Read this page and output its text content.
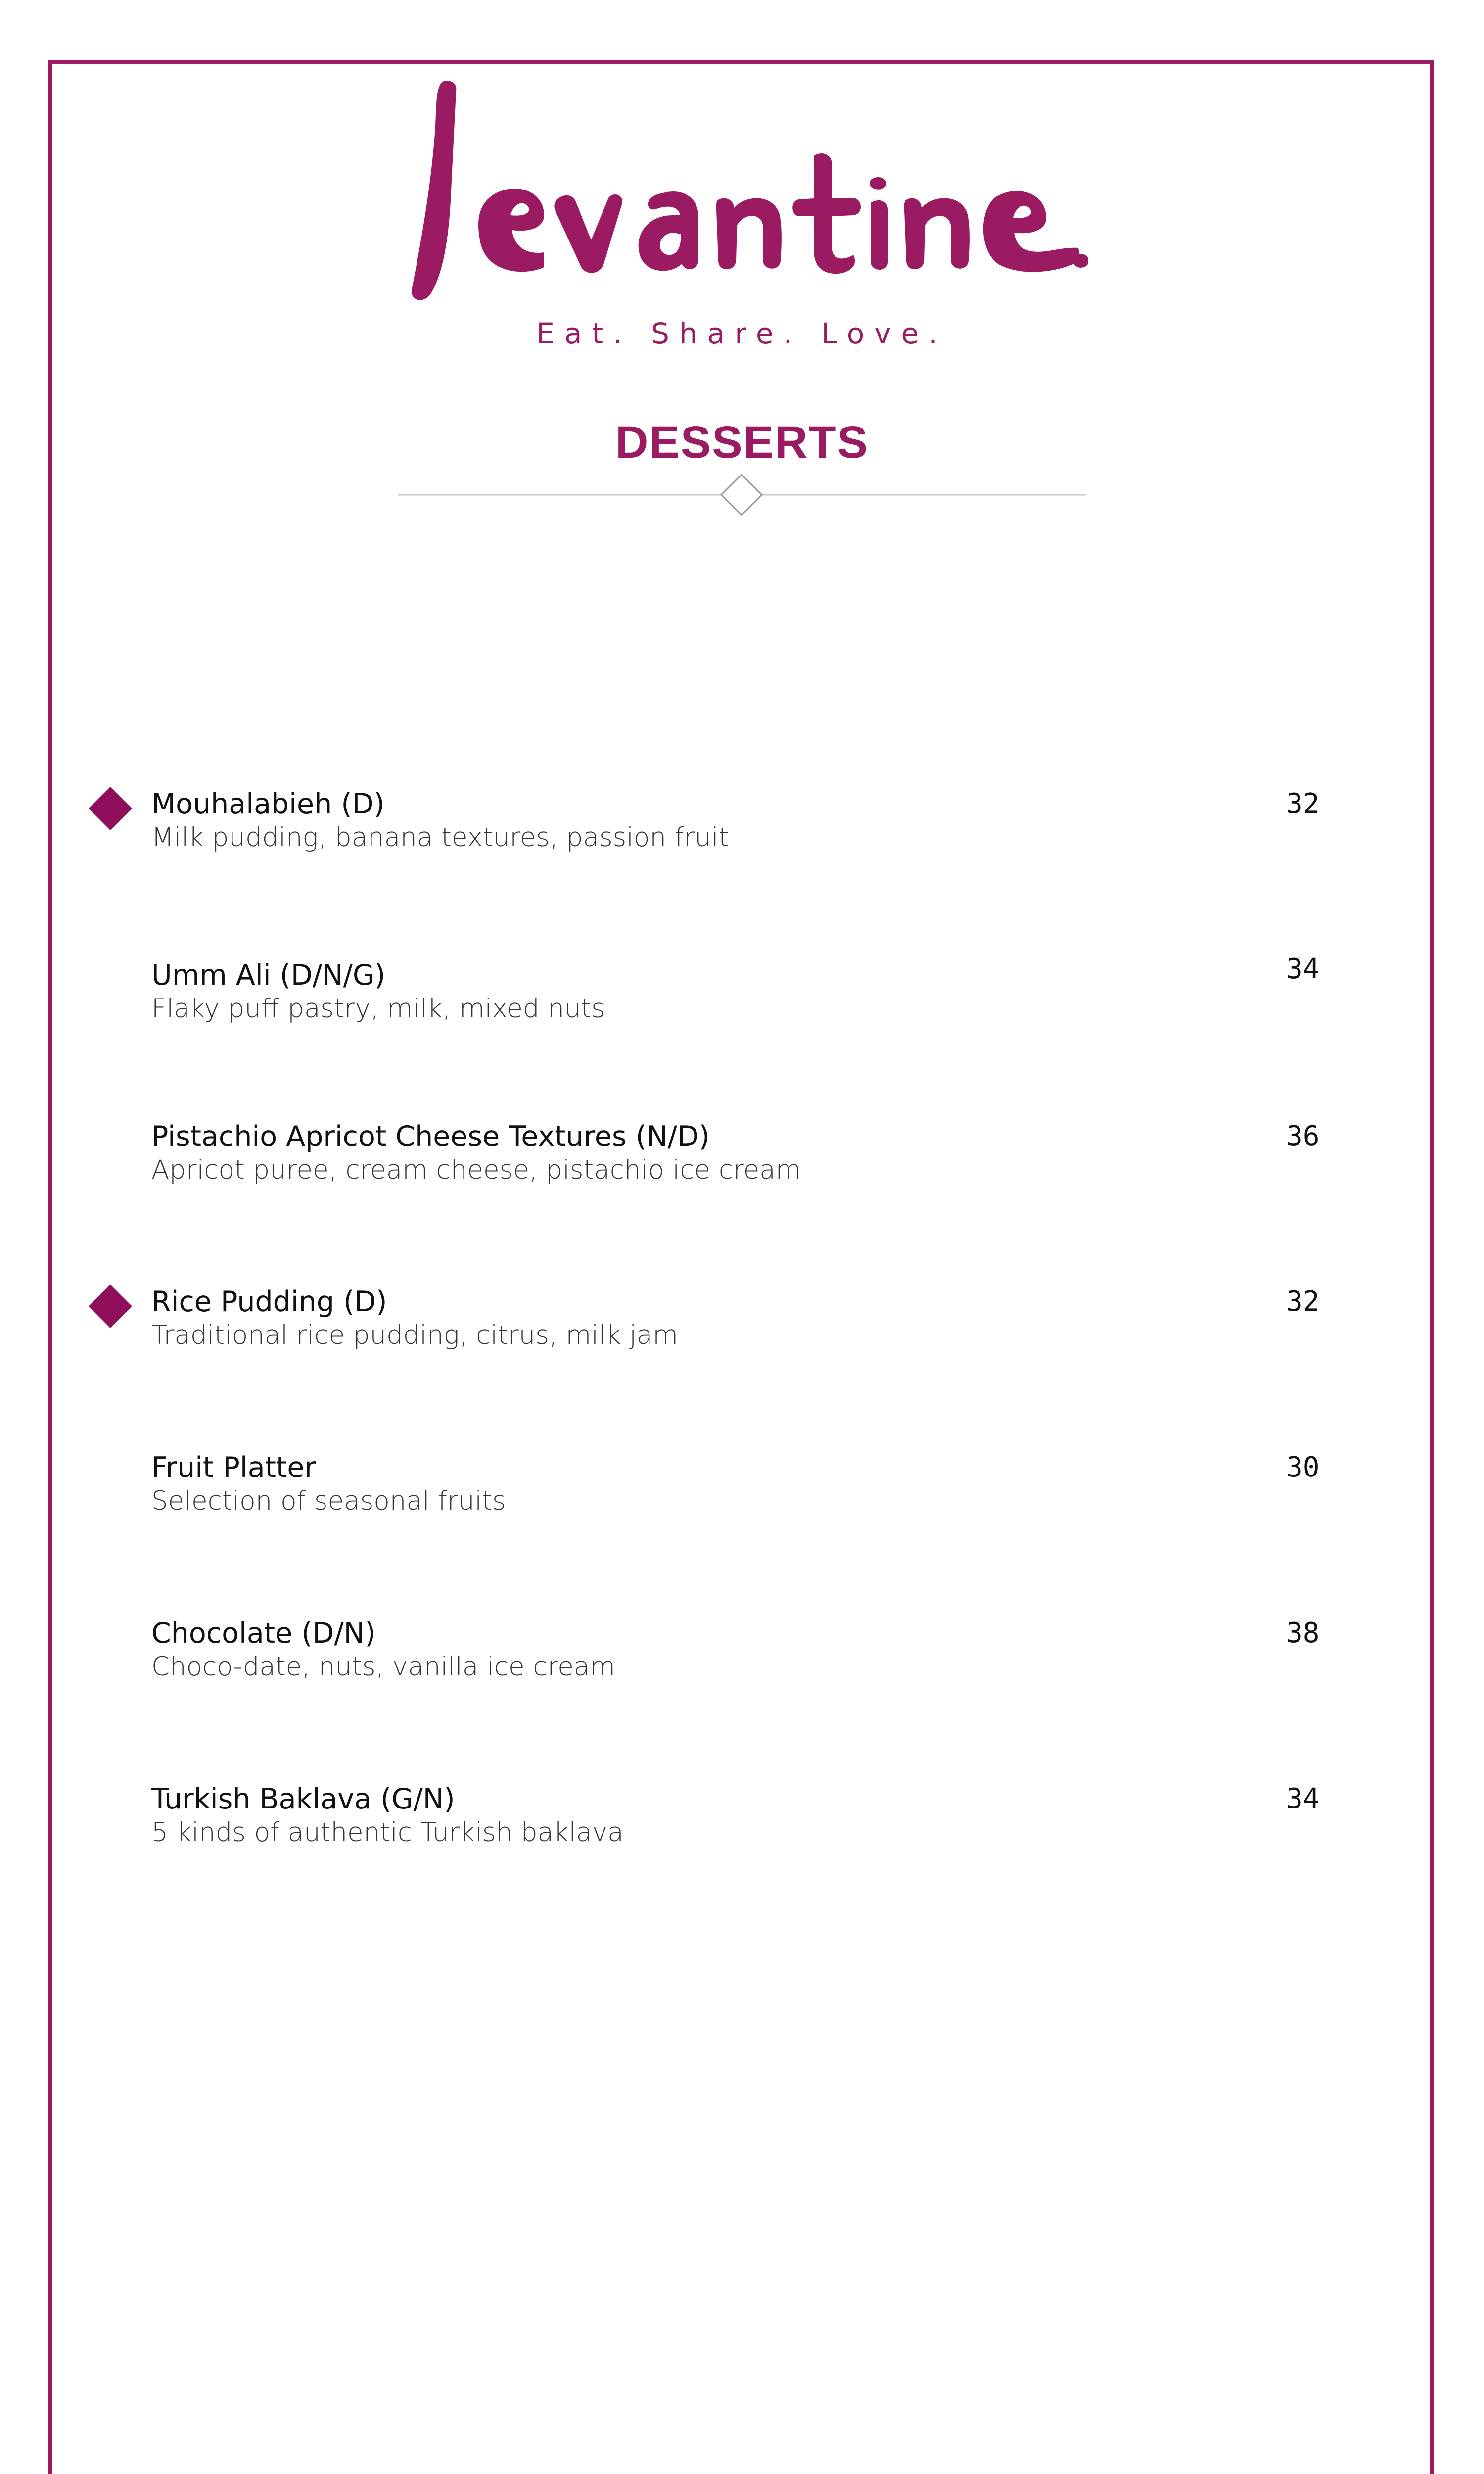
Eat. Share. Love.
DESSERTS

Mouhalabieh (D)

Milk pudding, banana textures, passion fruit

32

Umm Ali (D/N/G)

Flaky puff pastry, milk, mixed nuts

34

Pistachio Apricot Cheese Textures (N/D)

Apricot puree, cream cheese, pistachio ice cream

36

Rice Pudding (D)

Traditional rice pudding, citrus, milk jam

32

Fruit Platter

Selection of seasonal fruits

30

Chocolate (D/N)

Choco-date, nuts, vanilla ice cream

38

Turkish Baklava (G/N)

5 kinds of authentic Turkish baklava

34
